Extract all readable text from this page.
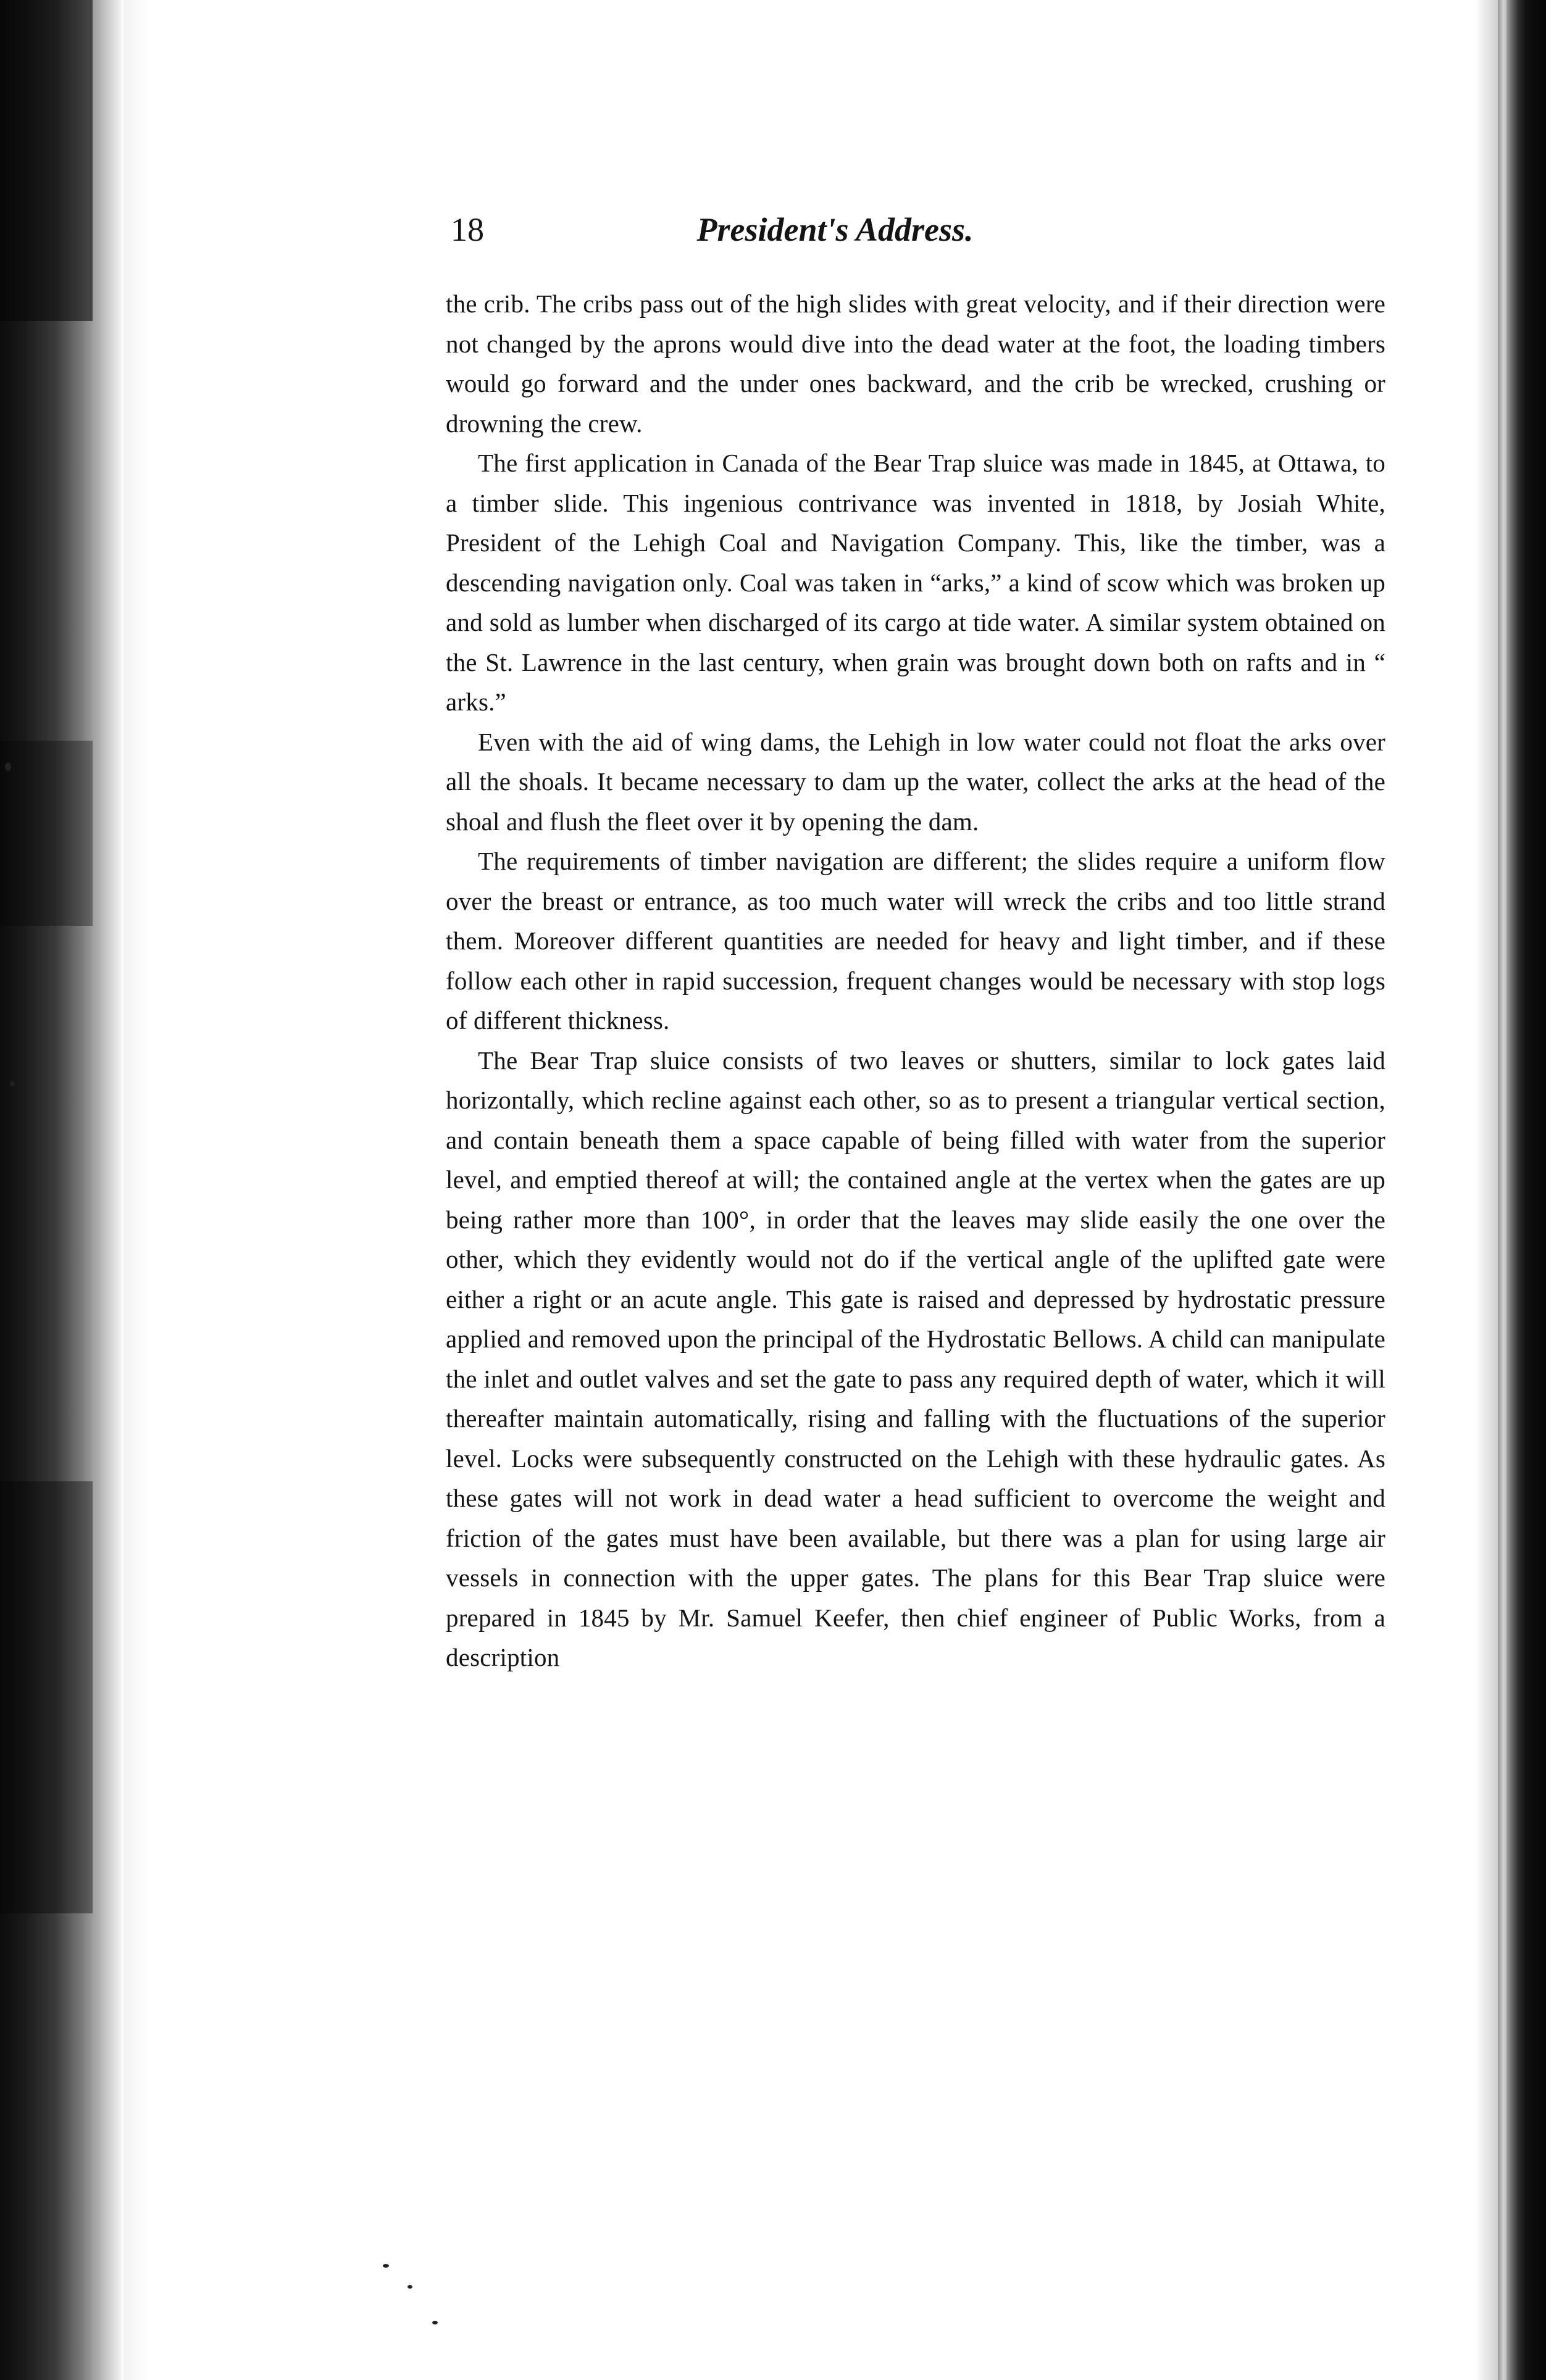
18	President's Address.

the crib. The cribs pass out of the high slides with great velocity, and if their direction were not changed by the aprons would dive into the dead water at the foot, the loading timbers would go forward and the under ones backward, and the crib be wrecked, crushing or drowning the crew.

The first application in Canada of the Bear Trap sluice was made in 1845, at Ottawa, to a timber slide. This ingenious contrivance was invented in 1818, by Josiah White, President of the Lehigh Coal and Navigation Company. This, like the timber, was a descending navigation only. Coal was taken in “arks,” a kind of scow which was broken up and sold as lumber when discharged of its cargo at tide water. A similar system obtained on the St. Lawrence in the last century, when grain was brought down both on rafts and in “ arks.”

Even with the aid of wing dams, the Lehigh in low water could not float the arks over all the shoals. It became necessary to dam up the water, collect the arks at the head of the shoal and flush the fleet over it by opening the dam.

The requirements of timber navigation are different; the slides require a uniform flow over the breast or entrance, as too much water will wreck the cribs and too little strand them. Moreover different quantities are needed for heavy and light timber, and if these follow each other in rapid succession, frequent changes would be necessary with stop logs of different thickness.

The Bear Trap sluice consists of two leaves or shutters, similar to lock gates laid horizontally, which recline against each other, so as to present a triangular vertical section, and contain beneath them a space capable of being filled with water from the superior level, and emptied thereof at will; the contained angle at the vertex when the gates are up being rather more than 100°, in order that the leaves may slide easily the one over the other, which they evidently would not do if the vertical angle of the uplifted gate were either a right or an acute angle. This gate is raised and depressed by hydrostatic pressure applied and removed upon the principal of the Hydrostatic Bellows. A child can manipulate the inlet and outlet valves and set the gate to pass any required depth of water, which it will thereafter maintain automatically, rising and falling with the fluctuations of the superior level. Locks were subsequently constructed on the Lehigh with these hydraulic gates. As these gates will not work in dead water a head sufficient to overcome the weight and friction of the gates must have been available, but there was a plan for using large air vessels in connection with the upper gates. The plans for this Bear Trap sluice were prepared in 1845 by Mr. Samuel Keefer, then chief engineer of Public Works, from a description
